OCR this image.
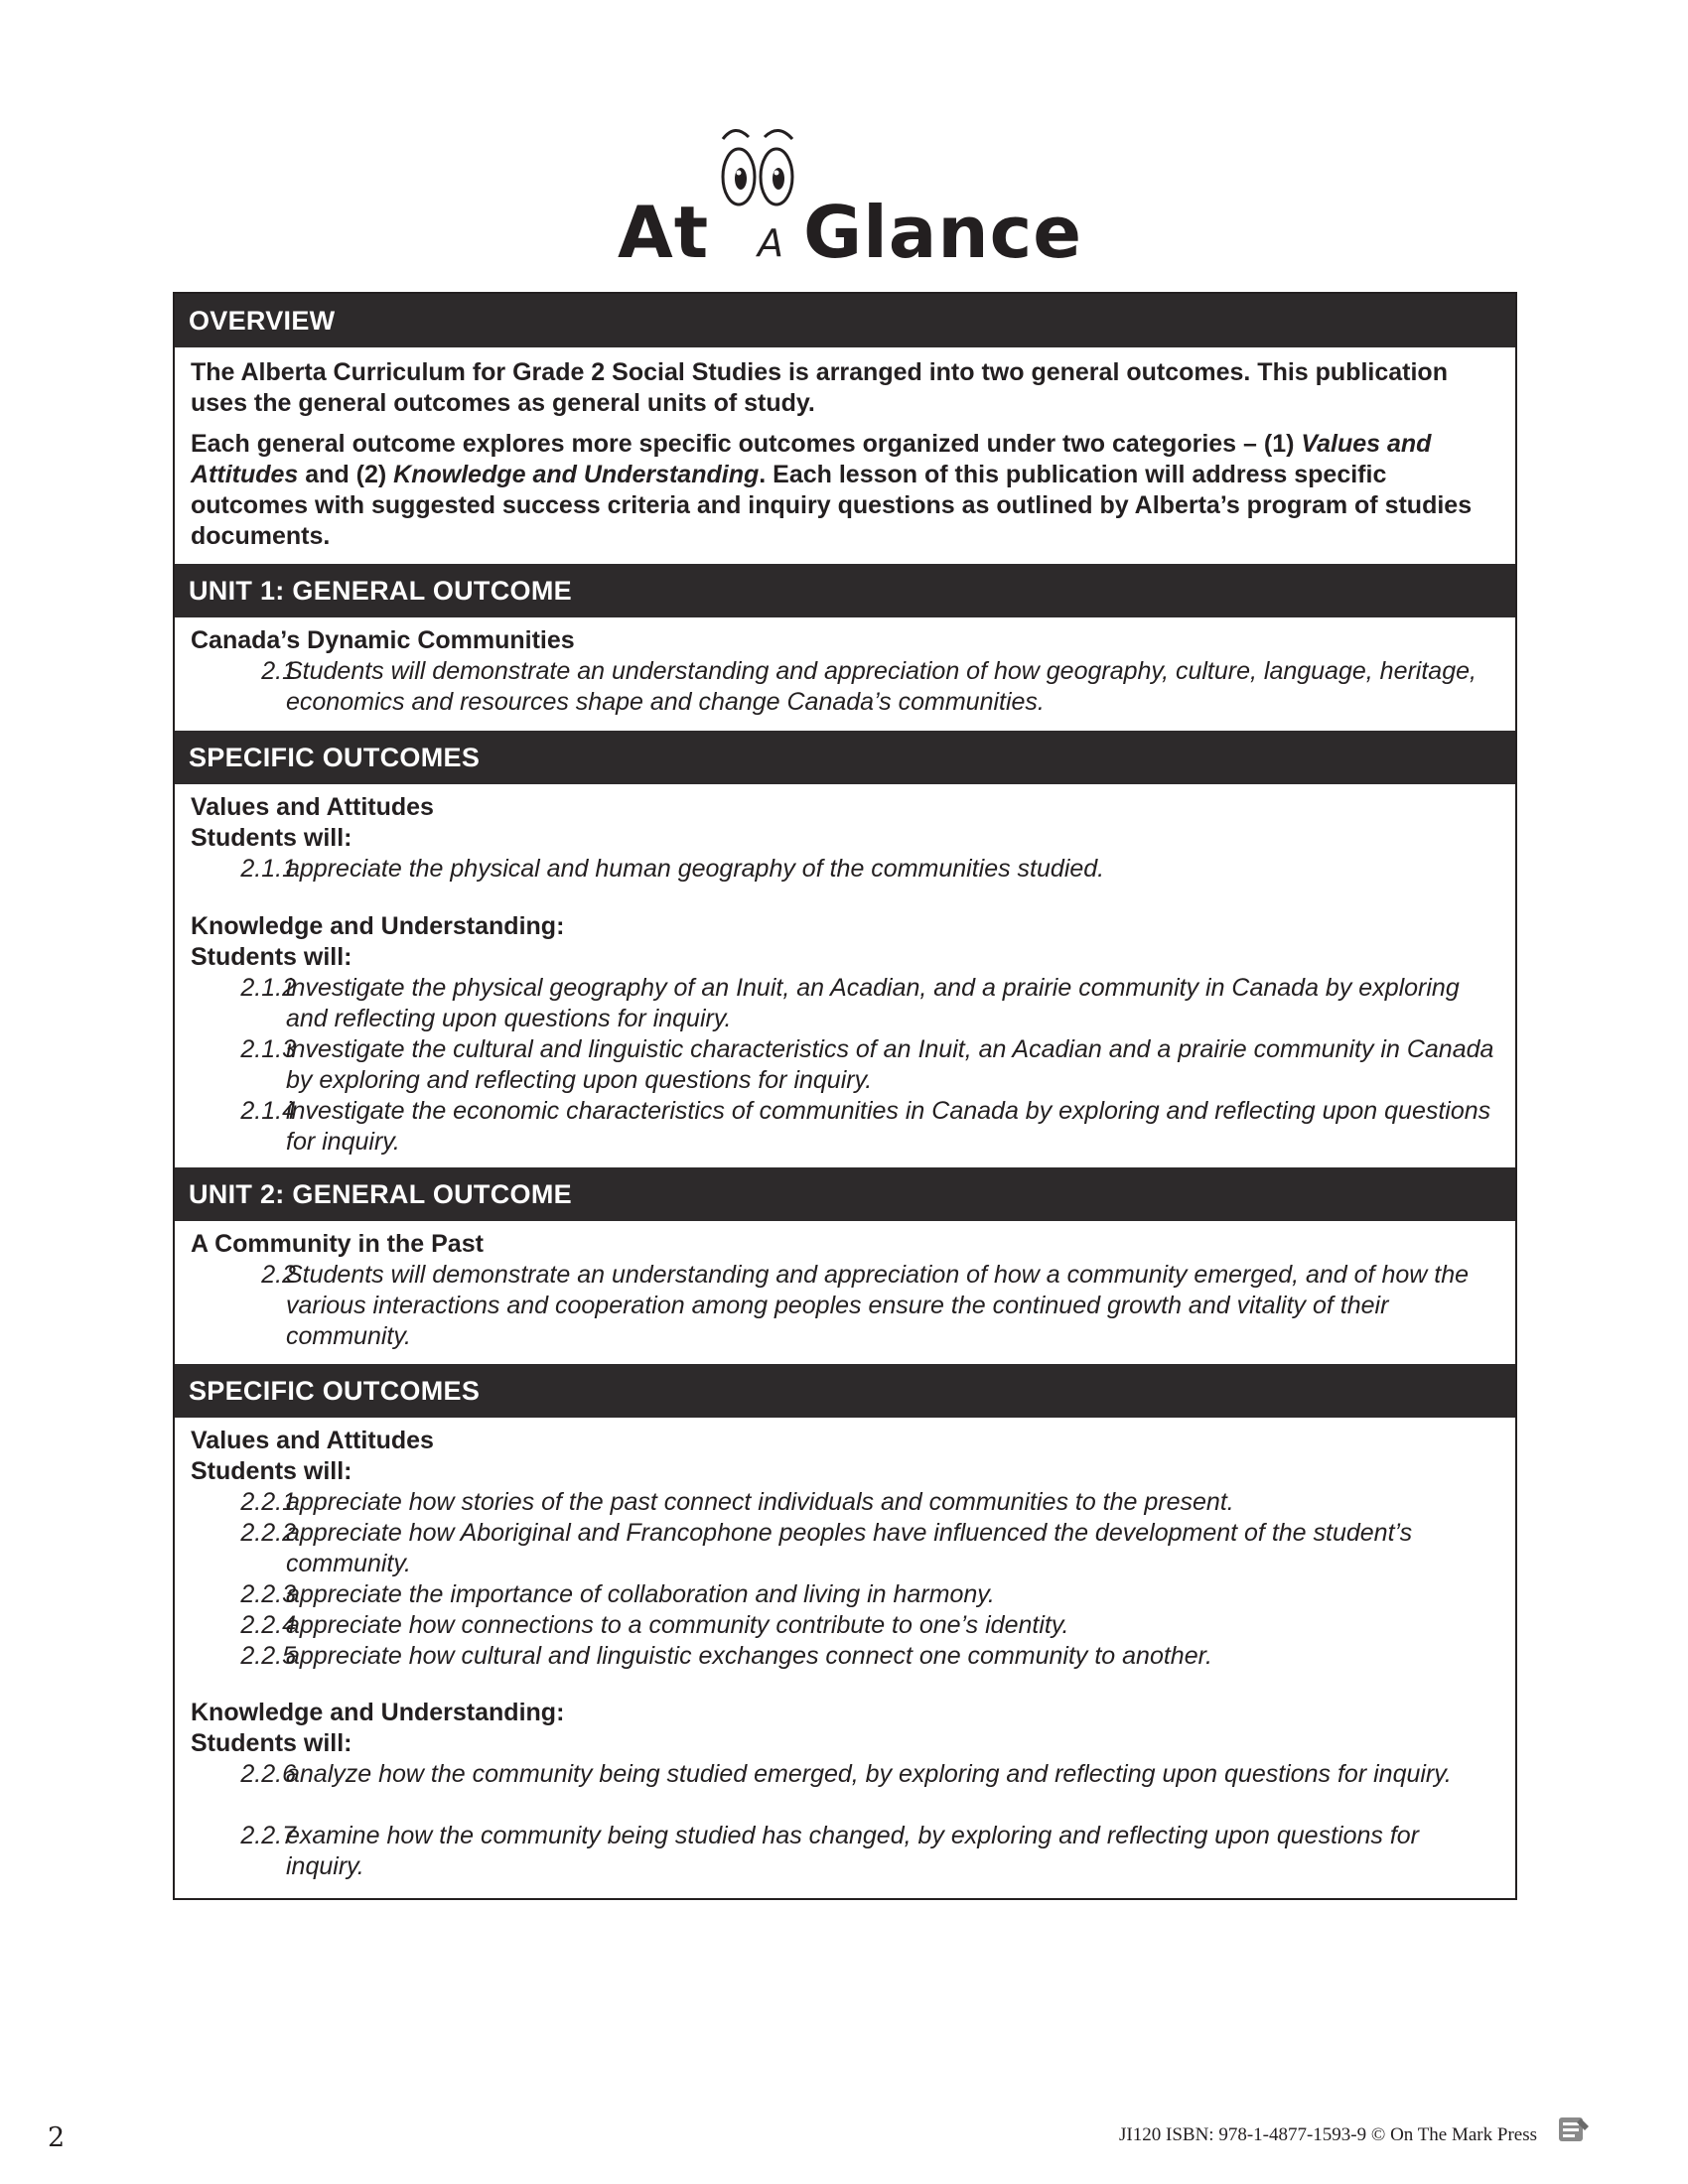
At A Glance
OVERVIEW
The Alberta Curriculum for Grade 2 Social Studies is arranged into two general outcomes. This publication uses the general outcomes as general units of study.
Each general outcome explores more specific outcomes organized under two categories – (1) Values and Attitudes and (2) Knowledge and Understanding. Each lesson of this publication will address specific outcomes with suggested success criteria and inquiry questions as outlined by Alberta’s program of studies documents.
UNIT 1: GENERAL OUTCOME
Canada’s Dynamic Communities
2.1
Students will demonstrate an understanding and appreciation of how geography, culture, language, heritage, economics and resources shape and change Canada’s communities.
SPECIFIC OUTCOMES
Values and Attitudes
Students will:
2.1.1
appreciate the physical and human geography of the communities studied.
Knowledge and Understanding:
Students will:
2.1.2
investigate the physical geography of an Inuit, an Acadian, and a prairie community in Canada by exploring and reflecting upon questions for inquiry.
2.1.3
investigate the cultural and linguistic characteristics of an Inuit, an Acadian and a prairie community in Canada by exploring and reflecting upon questions for inquiry.
2.1.4
investigate the economic characteristics of communities in Canada by exploring and reflecting upon questions for inquiry.
UNIT 2: GENERAL OUTCOME
A Community in the Past
2.2
Students will demonstrate an understanding and appreciation of how a community emerged, and of how the various interactions and cooperation among peoples ensure the continued growth and vitality of their community.
SPECIFIC OUTCOMES
Values and Attitudes
Students will:
2.2.1
appreciate how stories of the past connect individuals and communities to the present.
2.2.2
appreciate how Aboriginal and Francophone peoples have influenced the development of the student’s community.
2.2.3
appreciate the importance of collaboration and living in harmony.
2.2.4
appreciate how connections to a community contribute to one’s identity.
2.2.5
appreciate how cultural and linguistic exchanges connect one community to another.
Knowledge and Understanding:
Students will:
2.2.6
analyze how the community being studied emerged, by exploring and reflecting upon questions for inquiry.
2.2.7
examine how the community being studied has changed, by exploring and reflecting upon questions for inquiry.
2	JI120 ISBN: 978-1-4877-1593-9 © On The Mark Press
